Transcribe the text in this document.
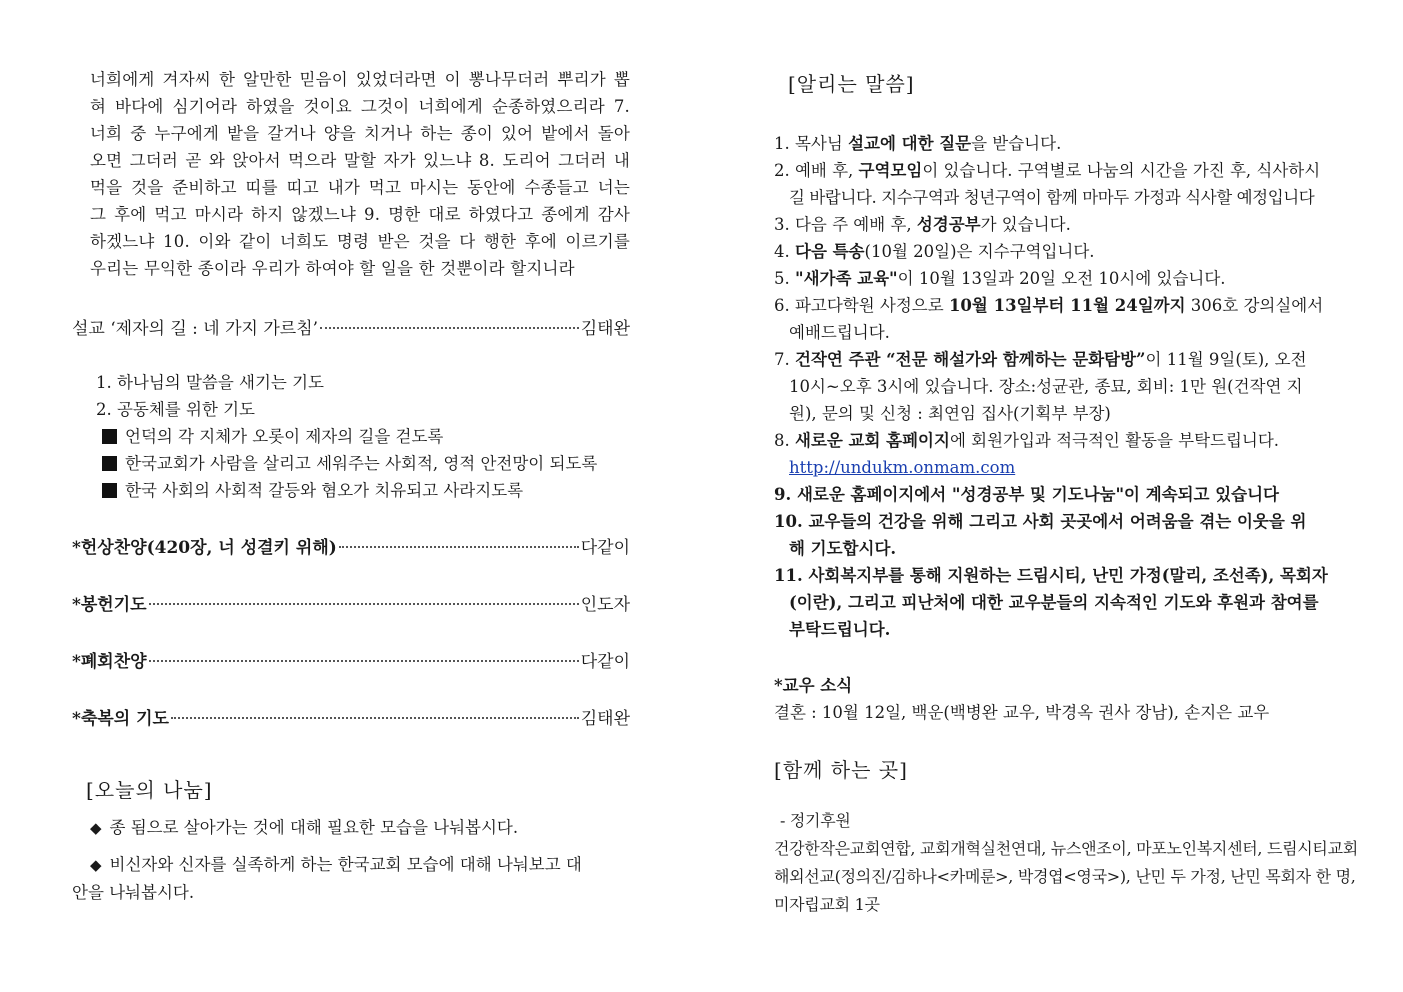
너희에게 겨자씨 한 알만한 믿음이 있었더라면 이 뽕나무더러 뿌리가 뽑
혀 바다에 심기어라 하였을 것이요 그것이 너희에게 순종하였으리라 7.
너희 중 누구에게 밭을 갈거나 양을 치거나 하는 종이 있어 밭에서 돌아
오면 그더러 곧 와 앉아서 먹으라 말할 자가 있느냐 8. 도리어 그더러 내
먹을 것을 준비하고 띠를 띠고 내가 먹고 마시는 동안에 수종들고 너는
그 후에 먹고 마시라 하지 않겠느냐 9. 명한 대로 하였다고 종에게 감사
하겠느냐 10. 이와 같이 너희도 명령 받은 것을 다 행한 후에 이르기를
우리는 무익한 종이라 우리가 하여야 할 일을 한 것뿐이라 할지니라
설교 ‘제자의 길 : 네 가지 가르침’	김태완
1. 하나님의 말씀을 새기는 기도
2. 공동체를 위한 기도
언덕의 각 지체가 오롯이 제자의 길을 걷도록
한국교회가 사람을 살리고 세워주는 사회적, 영적 안전망이 되도록
한국 사회의 사회적 갈등와 혐오가 치유되고 사라지도록
*헌상찬양(420장, 너 성결키 위해)	다같이
*봉헌기도	인도자
*폐회찬양	다같이
*축복의 기도	김태완
[오늘의 나눔]
◆ 종 됨으로 살아가는 것에 대해 필요한 모습을 나눠봅시다.
◆ 비신자와 신자를 실족하게 하는 한국교회 모습에 대해 나눠보고 대
안을 나눠봅시다.
[알리는 말씀]
1. 목사님 설교에 대한 질문을 받습니다.
2. 예배 후, 구역모임이 있습니다. 구역별로 나눔의 시간을 가진 후, 식사하시
길 바랍니다. 지수구역과 청년구역이 함께 마마두 가정과 식사할 예정입니다
3. 다음 주 예배 후, 성경공부가 있습니다.
4. 다음 특송(10월 20일)은 지수구역입니다.
5. "새가족 교육"이 10월 13일과 20일 오전 10시에 있습니다.
6. 파고다학원 사정으로 10월 13일부터 11월 24일까지 306호 강의실에서
예배드립니다.
7. 건작연 주관 “전문 해설가와 함께하는 문화탐방”이 11월 9일(토), 오전
10시~오후 3시에 있습니다. 장소:성균관, 종묘, 회비: 1만 원(건작연 지
원), 문의 및 신청 : 최연임 집사(기획부 부장)
8. 새로운 교회 홈페이지에 회원가입과 적극적인 활동을 부탁드립니다.
http://undukm.onmam.com
9. 새로운 홈페이지에서 "성경공부 및 기도나눔"이 계속되고 있습니다
10. 교우들의 건강을 위해 그리고 사회 곳곳에서 어려움을 겪는 이웃을 위
해 기도합시다.
11. 사회복지부를 통해 지원하는 드림시티, 난민 가정(말리, 조선족), 목회자
(이란), 그리고 피난처에 대한 교우분들의 지속적인 기도와 후원과 참여를
부탁드립니다.
*교우 소식
결혼 : 10월 12일, 백운(백병완 교우, 박경옥 권사 장남), 손지은 교우
[함께 하는 곳]
- 정기후원
건강한작은교회연합, 교회개혁실천연대, 뉴스앤조이, 마포노인복지센터, 드림시티교회
해외선교(정의진/김하나<카메룬>, 박경엽<영국>), 난민 두 가정, 난민 목회자 한 명,
미자립교회 1곳
